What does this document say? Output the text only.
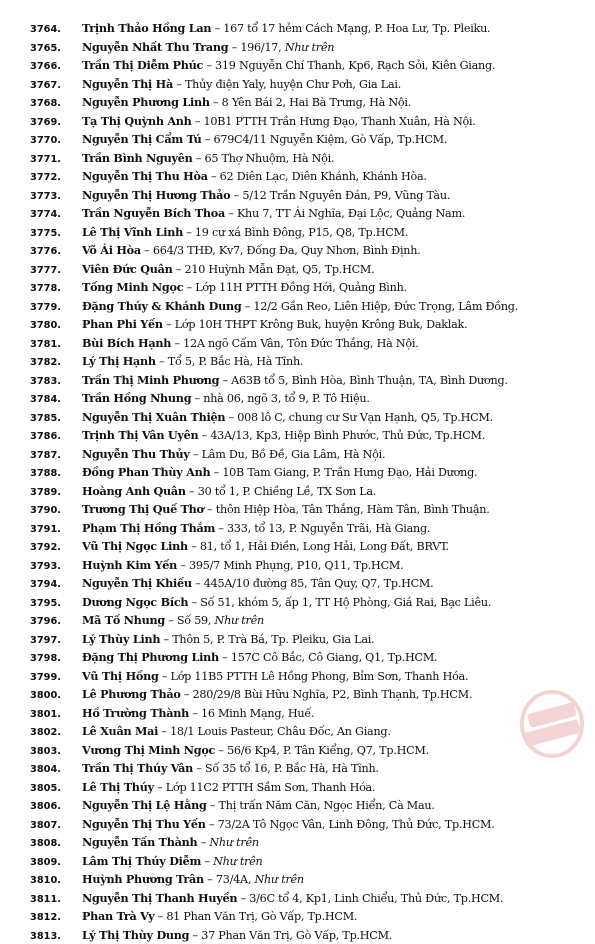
3764. Trịnh Thảo Hồng Lan – 167 tổ 17 hẻm Cách Mạng, P. Hoa Lư, Tp. Pleiku.
3765. Nguyễn Nhất Thu Trang – 196/17, Như trên
3766. Trần Thị Diễm Phúc – 319 Nguyễn Chí Thanh, Kp6, Rạch Sỏi, Kiên Giang.
3767. Nguyễn Thị Hà – Thủy điện Yaly, huyện Chư Pơh, Gia Lai.
3768. Nguyễn Phương Linh – 8 Yên Bái 2, Hai Bà Trưng, Hà Nội.
3769. Tạ Thị Quỳnh Anh – 10B1 PTTH Trần Hưng Đạo, Thanh Xuân, Hà Nội.
3770. Nguyễn Thị Cẩm Tú – 679C4/11 Nguyễn Kiệm, Gò Vấp, Tp.HCM.
3771. Trần Bình Nguyên – 65 Thợ Nhuộm, Hà Nội.
3772. Nguyễn Thị Thu Hòa – 62 Diên Lạc, Diên Khánh, Khánh Hòa.
3773. Nguyễn Thị Hương Thảo – 5/12 Trần Nguyên Đán, P9, Vũng Tàu.
3774. Trần Nguyễn Bích Thoa – Khu 7, TT Ái Nghĩa, Đại Lộc, Quảng Nam.
3775. Lê Thị Vĩnh Linh – 19 cư xá Bình Đông, P15, Q8, Tp.HCM.
3776. Võ Ái Hòa – 664/3 THĐ, Kv7, Đống Đa, Quy Nhơn, Bình Định.
3777. Viên Đức Quân – 210 Huỳnh Mẫn Đạt, Q5, Tp.HCM.
3778. Tống Minh Ngọc – Lớp 11H PTTH Đồng Hới, Quảng Bình.
3779. Đặng Thúy & Khánh Dung – 12/2 Gần Reo, Liên Hiệp, Đức Trọng, Lâm Đồng.
3780. Phan Phi Yến – Lớp 10H THPT Krông Buk, huyện Krông Buk, Daklak.
3781. Bùi Bích Hạnh – 12A ngõ Cấm Vân, Tôn Đức Thắng, Hà Nội.
3782. Lý Thị Hạnh – Tổ 5, P. Bắc Hà, Hà Tĩnh.
3783. Trần Thị Minh Phương – A63B tổ 5, Bình Hòa, Bình Thuận, TA, Bình Dương.
3784. Trần Hồng Nhung – nhà 06, ngõ 3, tổ 9, P. Tô Hiệu.
3785. Nguyễn Thị Xuân Thiện – 008 lô C, chung cư Sư Vạn Hạnh, Q5, Tp.HCM.
3786. Trịnh Thị Vân Uyên – 43A/13, Kp3, Hiệp Bình Phước, Thủ Đức, Tp.HCM.
3787. Nguyễn Thu Thủy – Lâm Du, Bồ Đề, Gia Lâm, Hà Nội.
3788. Đồng Phan Thùy Anh – 10B Tam Giang, P. Trần Hưng Đạo, Hải Dương.
3789. Hoàng Anh Quân – 30 tổ 1, P. Chiềng Lề, TX Sơn La.
3790. Trương Thị Quế Thơ – thôn Hiệp Hòa, Tân Thắng, Hàm Tân, Bình Thuận.
3791. Phạm Thị Hồng Thắm – 333, tổ 13, P. Nguyễn Trãi, Hà Giang.
3792. Vũ Thị Ngọc Linh – 81, tổ 1, Hải Điền, Long Hải, Long Đất, BRVT.
3793. Huỳnh Kim Yến – 395/7 Minh Phụng, P10, Q11, Tp.HCM.
3794. Nguyễn Thị Khiếu – 445A/10 đường 85, Tân Quy, Q7, Tp.HCM.
3795. Dương Ngọc Bích – Số 51, khóm 5, ấp 1, TT Hộ Phòng, Giá Rai, Bạc Liêu.
3796. Mã Tố Nhung – Số 59, Như trên
3797. Lý Thùy Linh – Thôn 5, P. Trà Bá, Tp. Pleiku, Gia Lai.
3798. Đặng Thị Phương Linh – 157C Cô Bắc, Cô Giang, Q1, Tp.HCM.
3799. Vũ Thị Hồng – Lớp 11B5 PTTH Lê Hồng Phong, Bỉm Sơn, Thanh Hóa.
3800. Lê Phương Thảo – 280/29/8 Bùi Hữu Nghĩa, P2, Bình Thạnh, Tp.HCM.
3801. Hồ Trường Thành – 16 Minh Mạng, Huế.
3802. Lê Xuân Mai – 18/1 Louis Pasteur, Châu Đốc, An Giang.
3803. Vương Thị Minh Ngọc – 56/6 Kp4, P. Tân Kiểng, Q7, Tp.HCM.
3804. Trần Thị Thúy Vân – Số 35 tổ 16, P. Bắc Hà, Hà Tĩnh.
3805. Lê Thị Thúy – Lớp 11C2 PTTH Sầm Sơn, Thanh Hóa.
3806. Nguyễn Thị Lệ Hằng – Thị trấn Năm Căn, Ngọc Hiển, Cà Mau.
3807. Nguyễn Thị Thu Yến – 73/2A Tô Ngọc Vân, Linh Đông, Thủ Đức, Tp.HCM.
3808. Nguyễn Tấn Thành – Như trên
3809. Lâm Thị Thúy Diễm – Như trên
3810. Huỳnh Phương Trân – 73/4A, Như trên
3811. Nguyễn Thị Thanh Huyền – 3/6C tổ 4, Kp1, Linh Chiểu, Thủ Đức, Tp.HCM.
3812. Phan Trà Vy – 81 Phan Văn Trị, Gò Vấp, Tp.HCM.
3813. Lý Thị Thùy Dung – 37 Phan Văn Trị, Gò Vấp, Tp.HCM.
